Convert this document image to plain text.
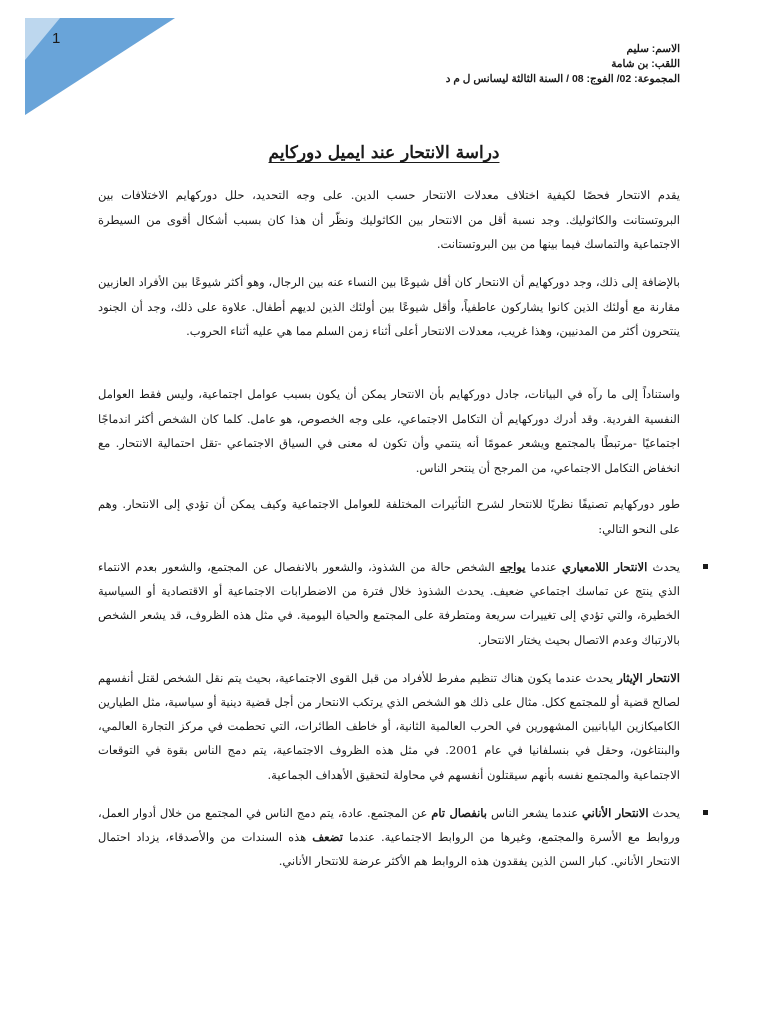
1
الاسم: سليم
اللقب: بن شامة
المجموعة: 02/ الفوج: 08 / السنة الثالثة ليسانس ل م د
دراسة الانتحار عند ايميل دوركايم
يقدم الانتحار فحصًا لكيفية اختلاف معدلات الانتحار حسب الدين. على وجه التحديد، حلل دوركهايم الاختلافات بين البروتستانت والكاثوليك. وجد نسبة أقل من الانتحار بين الكاثوليك ونظّر أن هذا كان بسبب أشكال أقوى من السيطرة الاجتماعية والتماسك فيما بينها من بين البروتستانت.
بالإضافة إلى ذلك، وجد دوركهايم أن الانتحار كان أقل شيوعًا بين النساء عنه بين الرجال، وهو أكثر شيوعًا بين الأفراد العازبين مقارنة مع أولئك الذين كانوا يشاركون عاطفياً، وأقل شيوعًا بين أولئك الذين لديهم أطفال. علاوة على ذلك، وجد أن الجنود ينتحرون أكثر من المدنيين، وهذا غريب، معدلات الانتحار أعلى أثناء زمن السلم مما هي عليه أثناء الحروب.
واستناداً إلى ما رآه في البيانات، جادل دوركهايم بأن الانتحار يمكن أن يكون بسبب عوامل اجتماعية، وليس فقط العوامل النفسية الفردية. وقد أدرك دوركهايم أن التكامل الاجتماعي، على وجه الخصوص، هو عامل. كلما كان الشخص أكثر اندماجًا اجتماعيًا -مرتبطًا بالمجتمع ويشعر عمومًا أنه ينتمي وأن تكون له معنى في السياق الاجتماعي -تقل احتمالية الانتحار. مع انخفاض التكامل الاجتماعي، من المرجح أن ينتحر الناس.
طور دوركهايم تصنيفًا نظريًا للانتحار لشرح التأثيرات المختلفة للعوامل الاجتماعية وكيف يمكن أن تؤدي إلى الانتحار. وهم على النحو التالي:
يحدث الانتحار اللامعياري عندما يواجه الشخص حالة من الشذوذ، والشعور بالانفصال عن المجتمع، والشعور بعدم الانتماء الذي ينتج عن تماسك اجتماعي ضعيف. يحدث الشذوذ خلال فترة من الاضطرابات الاجتماعية أو الاقتصادية أو السياسية الخطيرة، والتي تؤدي إلى تغييرات سريعة ومتطرفة على المجتمع والحياة اليومية. في مثل هذه الظروف، قد يشعر الشخص بالارتباك وعدم الاتصال بحيث يختار الانتحار.
الانتحار الإيثار يحدث عندما يكون هناك تنظيم مفرط للأفراد من قبل القوى الاجتماعية، بحيث يتم نقل الشخص لقتل أنفسهم لصالح قضية أو للمجتمع ككل. مثال على ذلك هو الشخص الذي يرتكب الانتحار من أجل قضية دينية أو سياسية، مثل الطيارين الكاميكازين اليابانيين المشهورين في الحرب العالمية الثانية، أو خاطف الطائرات، التي تحطمت في مركز التجارة العالمي، والبنتاغون، وحقل في بنسلفانيا في عام 2001. في مثل هذه الظروف الاجتماعية، يتم دمج الناس بقوة في التوقعات الاجتماعية والمجتمع نفسه بأنهم سيقتلون أنفسهم في محاولة لتحقيق الأهداف الجماعية.
يحدث الانتحار الأناني عندما يشعر الناس بانفصال تام عن المجتمع. عادة، يتم دمج الناس في المجتمع من خلال أدوار العمل، وروابط مع الأسرة والمجتمع، وغيرها من الروابط الاجتماعية. عندما تضعف هذه السندات من والأصدقاء، يزداد احتمال الانتحار الأناني. كبار السن الذين يفقدون هذه الروابط هم الأكثر عرضة للانتحار الأناني.
